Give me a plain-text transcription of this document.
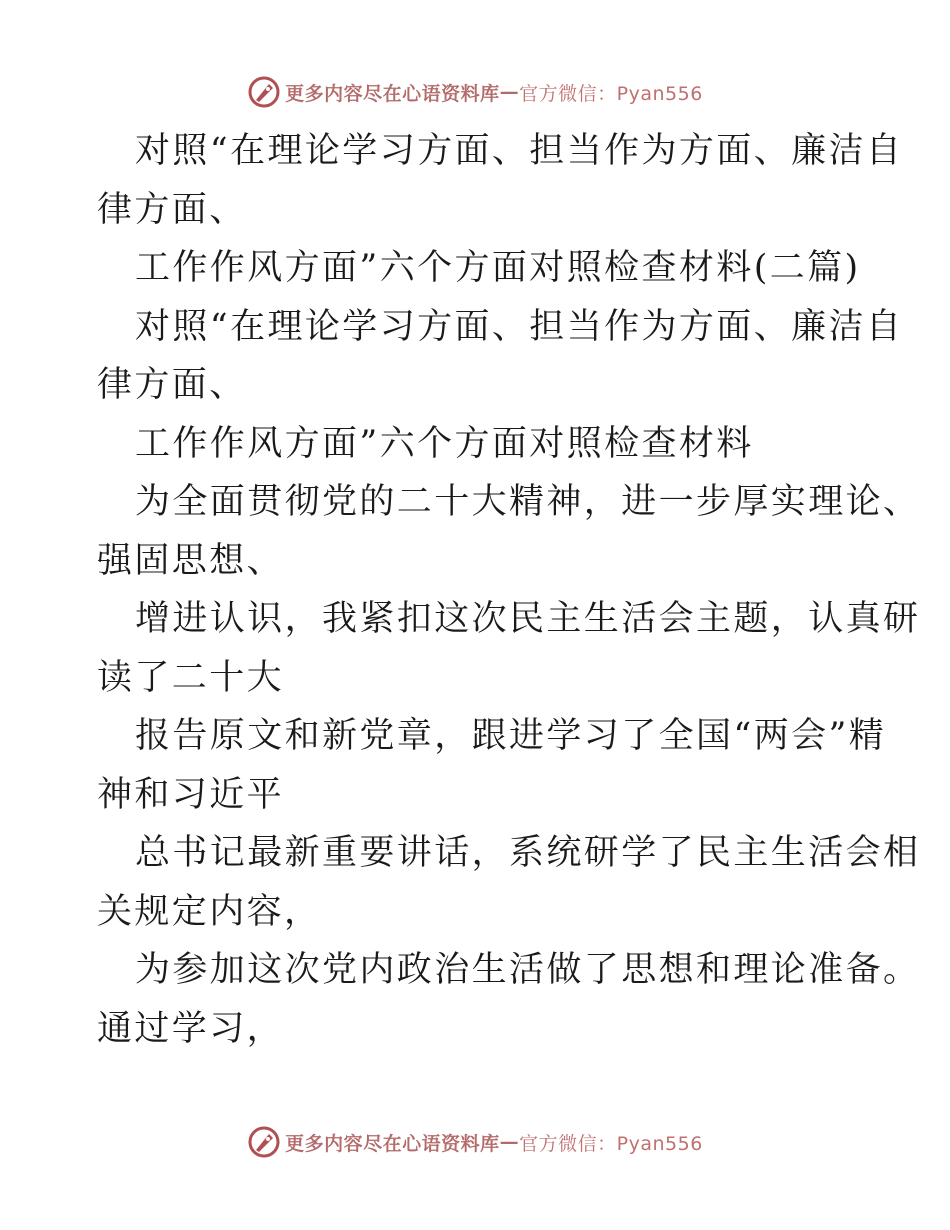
更多内容尽在心语资料库 — 官方微信：Pyan556
对照“在理论学习方面、担当作为方面、廉洁自
律方面、
工作作风方面”六个方面对照检查材料(二篇)
对照“在理论学习方面、担当作为方面、廉洁自
律方面、
工作作风方面”六个方面对照检查材料
为全面贯彻党的二十大精神，进一步厚实理论、
强固思想、
增进认识，我紧扣这次民主生活会主题，认真研
读了二十大
报告原文和新党章，跟进学习了全国“两会”精
神和习近平
总书记最新重要讲话，系统研学了民主生活会相
关规定内容，
为参加这次党内政治生活做了思想和理论准备。
通过学习，
更多内容尽在心语资料库 — 官方微信：Pyan556
